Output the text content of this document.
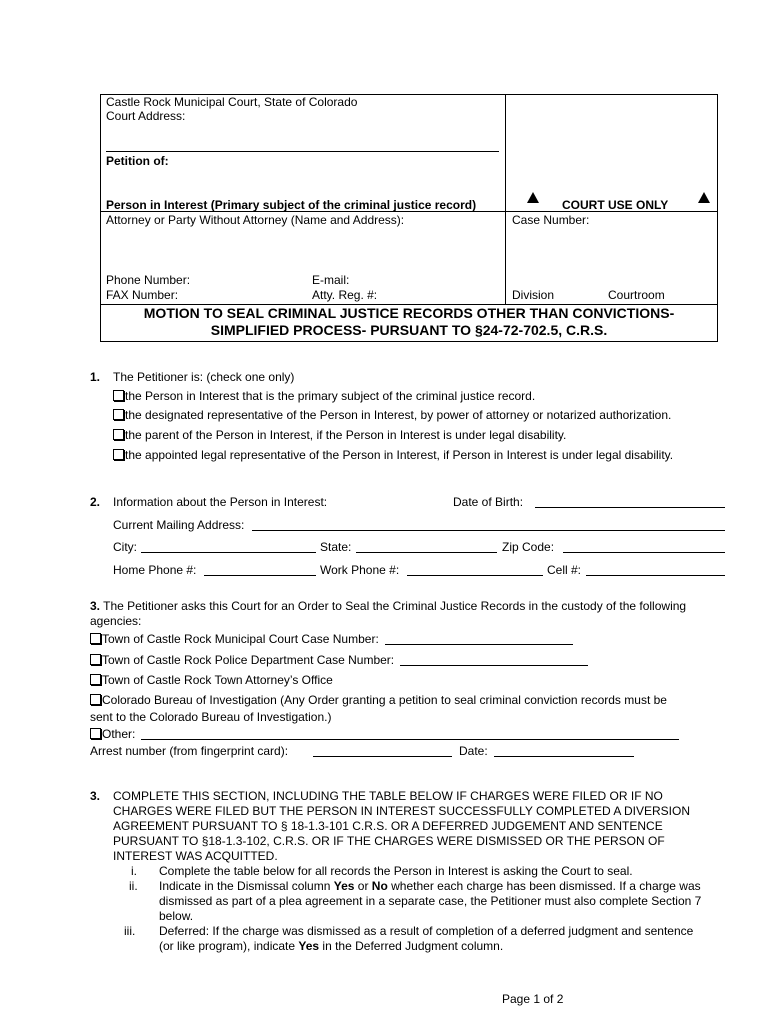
Castle Rock Municipal Court, State of Colorado
Court Address:
Petition of:
Person in Interest (Primary subject of the criminal justice record)	COURT USE ONLY
Attorney or Party Without Attorney (Name and Address):	Case Number:
Phone Number:	E-mail:
FAX Number:	Atty. Reg. #:	Division	Courtroom
MOTION TO SEAL CRIMINAL JUSTICE RECORDS OTHER THAN CONVICTIONS-
SIMPLIFIED PROCESS- PURSUANT TO §24-72-702.5, C.R.S.
1. The Petitioner is: (check one only)
the Person in Interest that is the primary subject of the criminal justice record.
the designated representative of the Person in Interest, by power of attorney or notarized authorization.
the parent of the Person in Interest, if the Person in Interest is under legal disability.
the appointed legal representative of the Person in Interest, if Person in Interest is under legal disability.
2. Information about the Person in Interest:	Date of Birth:
Current Mailing Address:
City:	State:	Zip Code:
Home Phone #:	Work Phone #:	Cell #:
3. The Petitioner asks this Court for an Order to Seal the Criminal Justice Records in the custody of the following
agencies:
Town of Castle Rock Municipal Court Case Number:
Town of Castle Rock Police Department Case Number:
Town of Castle Rock Town Attorney’s Office
Colorado Bureau of Investigation (Any Order granting a petition to seal criminal conviction records must be
sent to the Colorado Bureau of Investigation.)
Other:
Arrest number (from fingerprint card):	Date:
3. COMPLETE THIS SECTION, INCLUDING THE TABLE BELOW IF CHARGES WERE FILED OR IF NO
CHARGES WERE FILED BUT THE PERSON IN INTEREST SUCCESSFULLY COMPLETED A DIVERSION
AGREEMENT PURSUANT TO § 18-1.3-101 C.R.S. OR A DEFERRED JUDGEMENT AND SENTENCE
PURSUANT TO §18-1.3-102, C.R.S. OR IF THE CHARGES WERE DISMISSED OR THE PERSON OF
INTEREST WAS ACQUITTED.
i. Complete the table below for all records the Person in Interest is asking the Court to seal.
ii. Indicate in the Dismissal column Yes or No whether each charge has been dismissed. If a charge was
dismissed as part of a plea agreement in a separate case, the Petitioner must also complete Section 7
below.
iii. Deferred: If the charge was dismissed as a result of completion of a deferred judgment and sentence
(or like program), indicate Yes in the Deferred Judgment column.
Page 1 of 2
